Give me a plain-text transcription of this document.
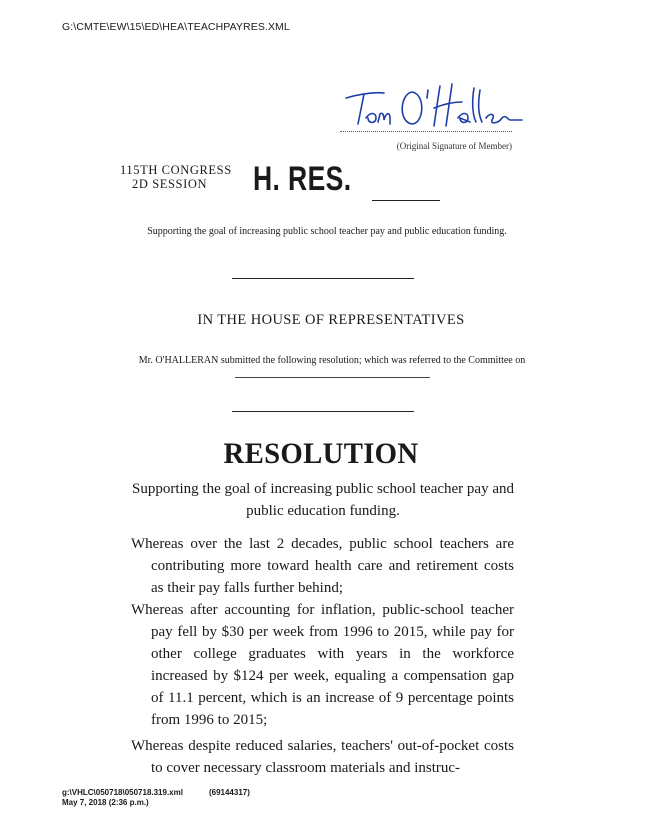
G:\CMTE\EW\15\ED\HEA\TEACHPAYRES.XML
(Original Signature of Member)
115TH CONGRESS
2D SESSION	H. RES.
Supporting the goal of increasing public school teacher pay and public education funding.
IN THE HOUSE OF REPRESENTATIVES
Mr. O'HALLERAN submitted the following resolution; which was referred to the Committee on
RESOLUTION
Supporting the goal of increasing public school teacher pay and public education funding.
Whereas over the last 2 decades, public school teachers are contributing more toward health care and retirement costs as their pay falls further behind;
Whereas after accounting for inflation, public-school teacher pay fell by $30 per week from 1996 to 2015, while pay for other college graduates with years in the workforce increased by $124 per week, equaling a compensation gap of 11.1 percent, which is an increase of 9 percentage points from 1996 to 2015;
Whereas despite reduced salaries, teachers' out-of-pocket costs to cover necessary classroom materials and instruc-
g:\VHLC\050718\050718.319.xml	(69144317)
May 7, 2018 (2:36 p.m.)
